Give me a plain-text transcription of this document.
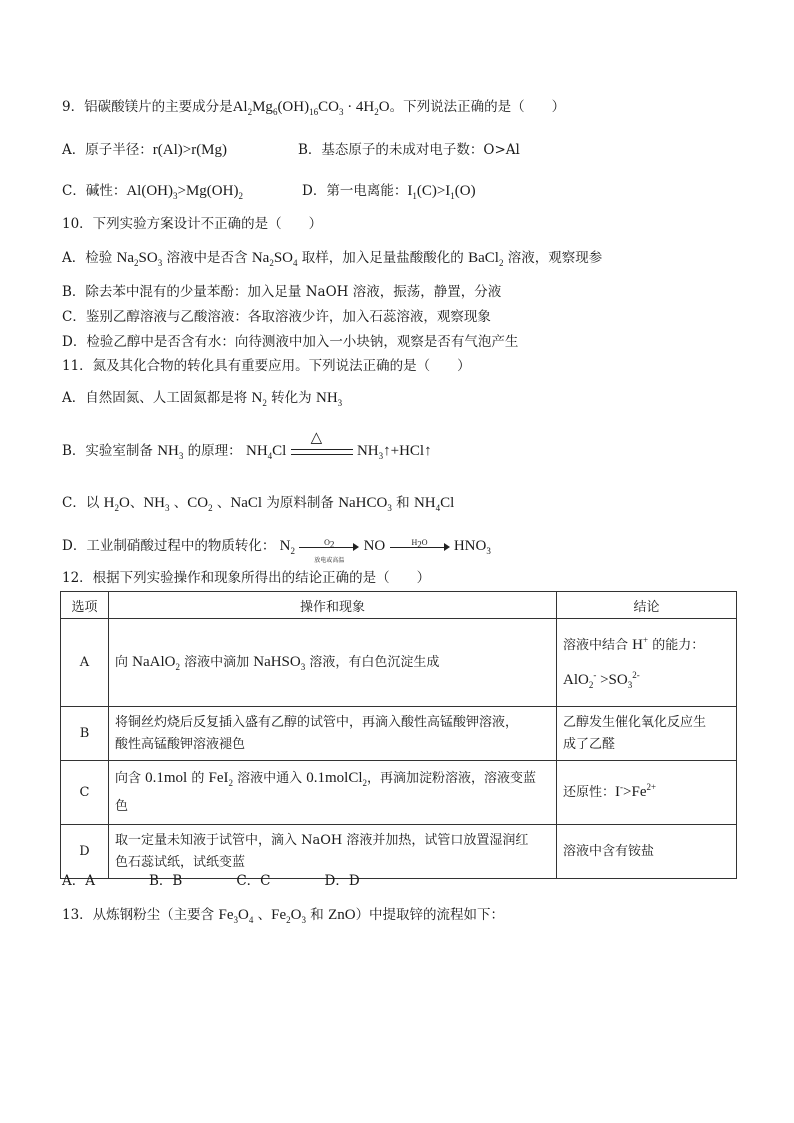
9．铝碳酸镁片的主要成分是$Al_2Mg_6(OH)_{16}CO_3 \cdot 4H_2O$。下列说法正确的是（　　）
A．原子半径：r(Al)>r(Mg)	B．基态原子的未成对电子数：O>Al
C．碱性：$Al(OH)_3>Mg(OH)_2$	D．第一电离能：$I_1(C)>I_1(O)$
10．下列实验方案设计不正确的是（　　）
A．检验 $Na_2SO_3$ 溶液中是否含 $Na_2SO_4$ 取样，加入足量盐酸酸化的 BaCl$_2$ 溶液，观察现参
B．除去苯中混有的少量苯酚：加入足量 NaOH 溶液，振荡，静置，分液
C．鉴别乙醇溶液与乙酸溶液：各取溶液少许，加入石蕊溶液，观察现象
D．检验乙醇中是否含有水：向待测液中加入一小块钠，观察是否有气泡产生
11．氮及其化合物的转化具有重要应用。下列说法正确的是（　　）
A．自然固氮、人工固氮都是将 $N_2$ 转化为 $NH_3$
B．实验室制备 $NH_3$ 的原理： $NH_4Cl$
△
$NH_3↑+HCl↑$
C．以 $H_2O$、$NH_3$ 、$CO_2$ 、NaCl 为原料制备 NaHCO$_3$ 和 $NH_4Cl$
D．工业制硝酸过程中的物质转化： $N_2$
$O_2$
放电或高温
NO	$H_2O$	$HNO_3$
12．根据下列实验操作和现象所得出的结论正确的是（　　）
选项	操作和现象	结论
A	向 NaAlO$_2$ 溶液中滴加 NaHSO$_3$ 溶液，有白色沉淀生成	溶液中结合 H+ 的能力：
$AlO_2^- >SO_3^{2-}$
B	将铜丝灼烧后反复插入盛有乙醇的试管中，再滴入酸性高锰酸钾溶液，
酸性高锰酸钾溶液褪色	乙醇发生催化氧化反应生
成了乙醛
C	向含 0.1mol 的 FeI$_2$ 溶液中通入 0.1molCl$_2$，再滴加淀粉溶液，溶液变蓝
色	还原性：$I^->Fe^{2+}$
D	取一定量未知液于试管中，滴入 NaOH 溶液并加热，试管口放置湿润红
色石蕊试纸，试纸变蓝	溶液中含有铵盐
A．A　　　　B．B　　　　C．C　　　　D．D
13．从炼钢粉尘（主要含 $Fe_3O_4$ 、$Fe_2O_3$ 和 ZnO）中提取锌的流程如下：
